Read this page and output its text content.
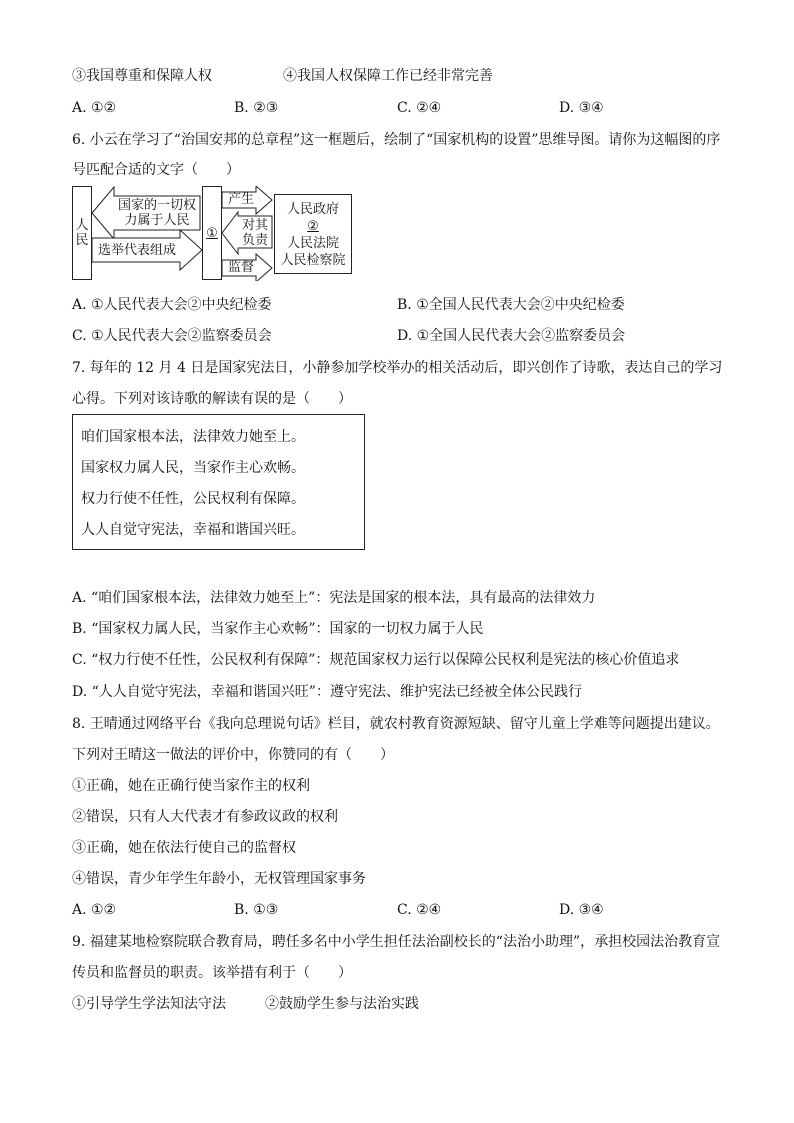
③我国尊重和保障人权	④我国人权保障工作已经非常完善
A. ①②	B. ②③	C. ②④	D. ③④
6. 小云在学习了“治国安邦的总章程”这一框题后，绘制了“国家机构的设置”思维导图。请你为这幅图的序
号匹配合适的文字（　　）
人
民
国家的一切权
力属于人民
选举代表组成
①
产生
对其
负责
监督
人民政府
②
人民法院
人民检察院
A. ①人民代表大会②中央纪检委	B. ①全国人民代表大会②中央纪检委
C. ①人民代表大会②监察委员会	D. ①全国人民代表大会②监察委员会
7. 每年的 12 月 4 日是国家宪法日，小静参加学校举办的相关活动后，即兴创作了诗歌，表达自己的学习
心得。下列对该诗歌的解读有误的是（　　）
咱们国家根本法，法律效力她至上。
国家权力属人民，当家作主心欢畅。
权力行使不任性，公民权利有保障。
人人自觉守宪法，幸福和谐国兴旺。
A. “咱们国家根本法，法律效力她至上”：宪法是国家的根本法，具有最高的法律效力
B. “国家权力属人民，当家作主心欢畅”：国家的一切权力属于人民
C. “权力行使不任性，公民权利有保障”：规范国家权力运行以保障公民权利是宪法的核心价值追求
D. “人人自觉守宪法，幸福和谐国兴旺”：遵守宪法、维护宪法已经被全体公民践行
8. 王晴通过网络平台《我向总理说句话》栏目，就农村教育资源短缺、留守儿童上学难等问题提出建议。
下列对王晴这一做法的评价中，你赞同的有（　　）
①正确，她在正确行使当家作主的权利
②错误，只有人大代表才有参政议政的权利
③正确，她在依法行使自己的监督权
④错误，青少年学生年龄小，无权管理国家事务
A. ①②	B. ①③	C. ②④	D. ③④
9. 福建某地检察院联合教育局，聘任多名中小学生担任法治副校长的“法治小助理”，承担校园法治教育宣
传员和监督员的职责。该举措有利于（　　）
①引导学生学法知法守法	②鼓励学生参与法治实践
